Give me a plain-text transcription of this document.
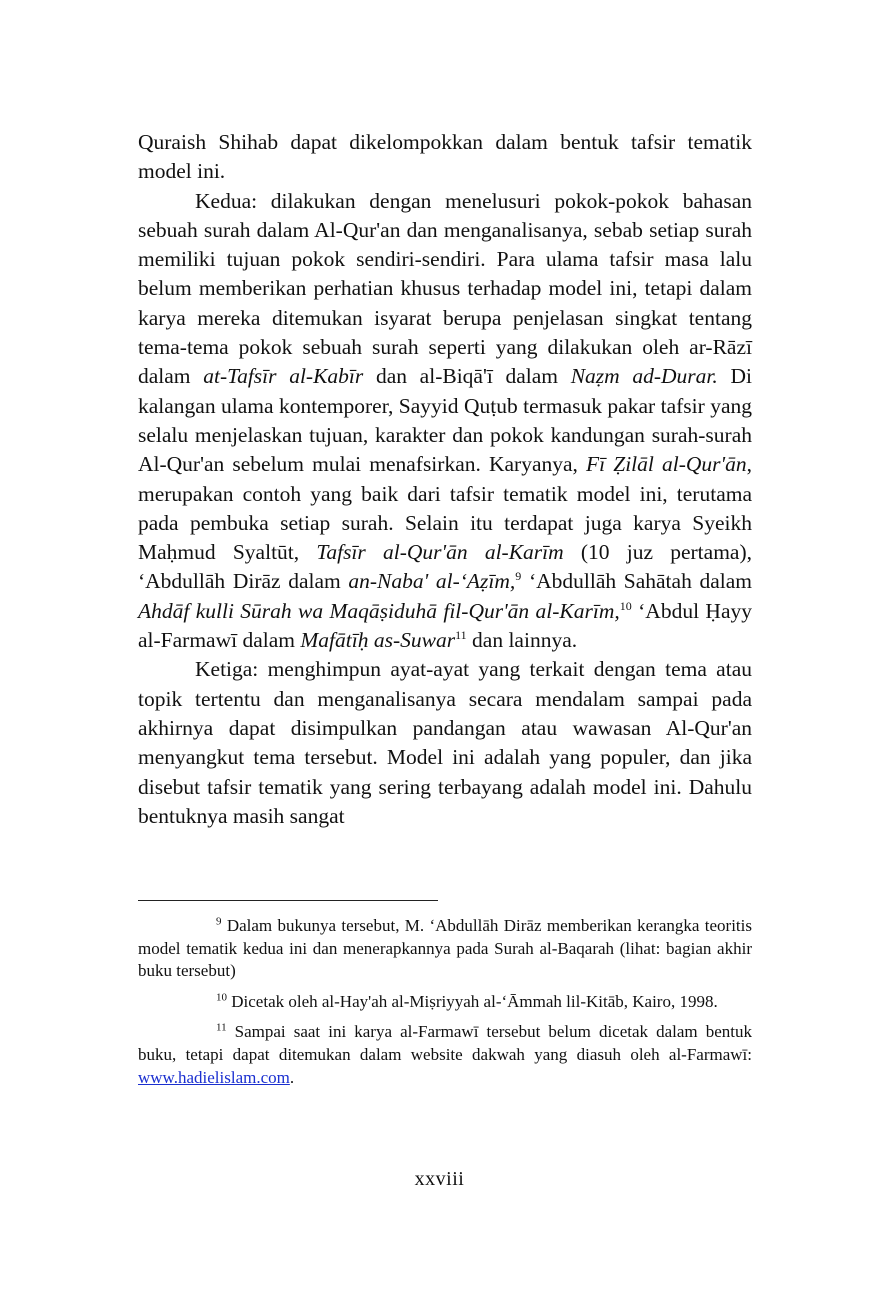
Quraish Shihab dapat dikelompokkan dalam bentuk tafsir tematik model ini.

Kedua: dilakukan dengan menelusuri pokok-pokok bahasan sebuah surah dalam Al-Qur'an dan menganalisanya, sebab setiap surah memiliki tujuan pokok sendiri-sendiri. Para ulama tafsir masa lalu belum memberikan perhatian khusus terhadap model ini, tetapi dalam karya mereka ditemukan isyarat berupa penjelasan singkat tentang tema-tema pokok sebuah surah seperti yang dilakukan oleh ar-Rāzī dalam at-Tafsīr al-Kabīr dan al-Biqā'ī dalam Naẓm ad-Durar. Di kalangan ulama kontemporer, Sayyid Quṭub termasuk pakar tafsir yang selalu menjelaskan tujuan, karakter dan pokok kandungan surah-surah Al-Qur'an sebelum mulai menafsirkan. Karyanya, Fī Ẓilāl al-Qur'ān, merupakan contoh yang baik dari tafsir tematik model ini, terutama pada pembuka setiap surah. Selain itu terdapat juga karya Syeikh Maḥmud Syaltūt, Tafsīr al-Qur'ān al-Karīm (10 juz pertama), ‘Abdullāh Dirāz dalam an-Naba' al-‘Aẓīm,$^9$ ‘Abdullāh Sahātah dalam Ahdāf kulli Sūrah wa Maqāṣiduhā fil-Qur'ān al-Karīm,$^{10}$ ‘Abdul Ḥayy al-Farmawī dalam Mafātīḥ as-Suwar$^{11}$ dan lainnya.

Ketiga: menghimpun ayat-ayat yang terkait dengan tema atau topik tertentu dan menganalisanya secara mendalam sampai pada akhirnya dapat disimpulkan pandangan atau wawasan Al-Qur'an menyangkut tema tersebut. Model ini adalah yang populer, dan jika disebut tafsir tematik yang sering terbayang adalah model ini. Dahulu bentuknya masih sangat

$^9$ Dalam bukunya tersebut, M. ‘Abdullāh Dirāz memberikan kerangka teoritis model tematik kedua ini dan menerapkannya pada Surah al-Baqarah (lihat: bagian akhir buku tersebut)

$^{10}$ Dicetak oleh al-Hay'ah al-Miṣriyyah al-‘Āmmah lil-Kitāb, Kairo, 1998.

$^{11}$ Sampai saat ini karya al-Farmawī tersebut belum dicetak dalam bentuk buku, tetapi dapat ditemukan dalam website dakwah yang diasuh oleh al-Farmawī: www.hadielislam.com.

xxviii
